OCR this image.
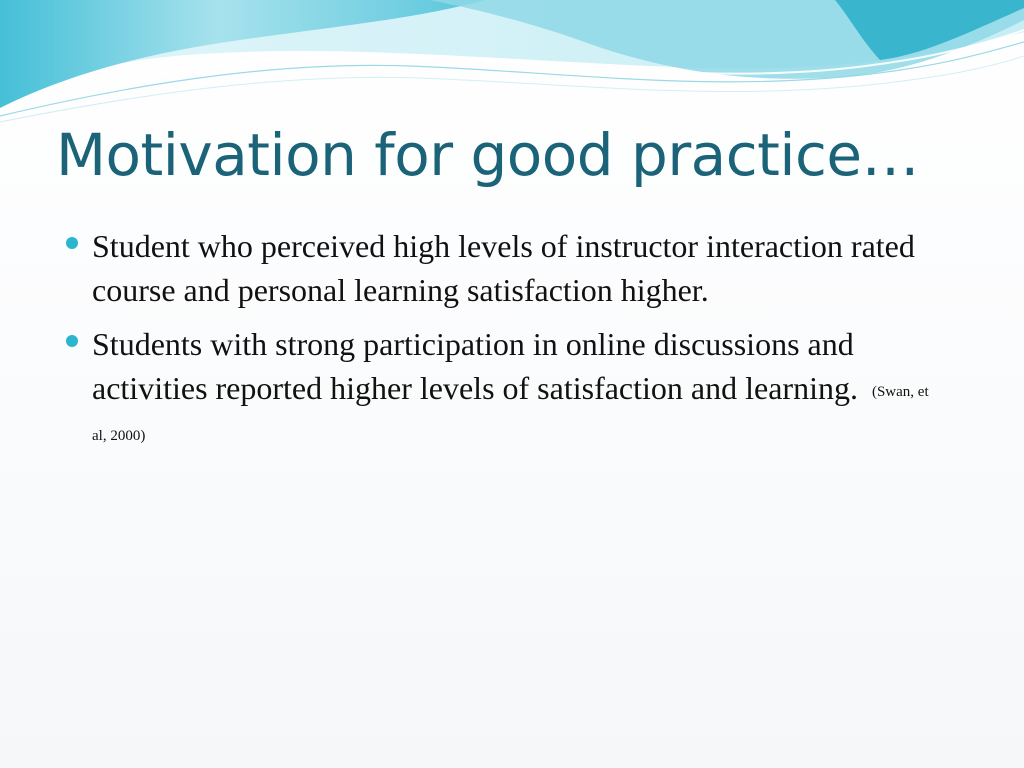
Motivation for good practice…
Student who perceived high levels of instructor interaction rated course and personal learning satisfaction higher.
Students with strong participation in online discussions and activities reported higher levels of satisfaction and learning. (Swan, et al, 2000)
